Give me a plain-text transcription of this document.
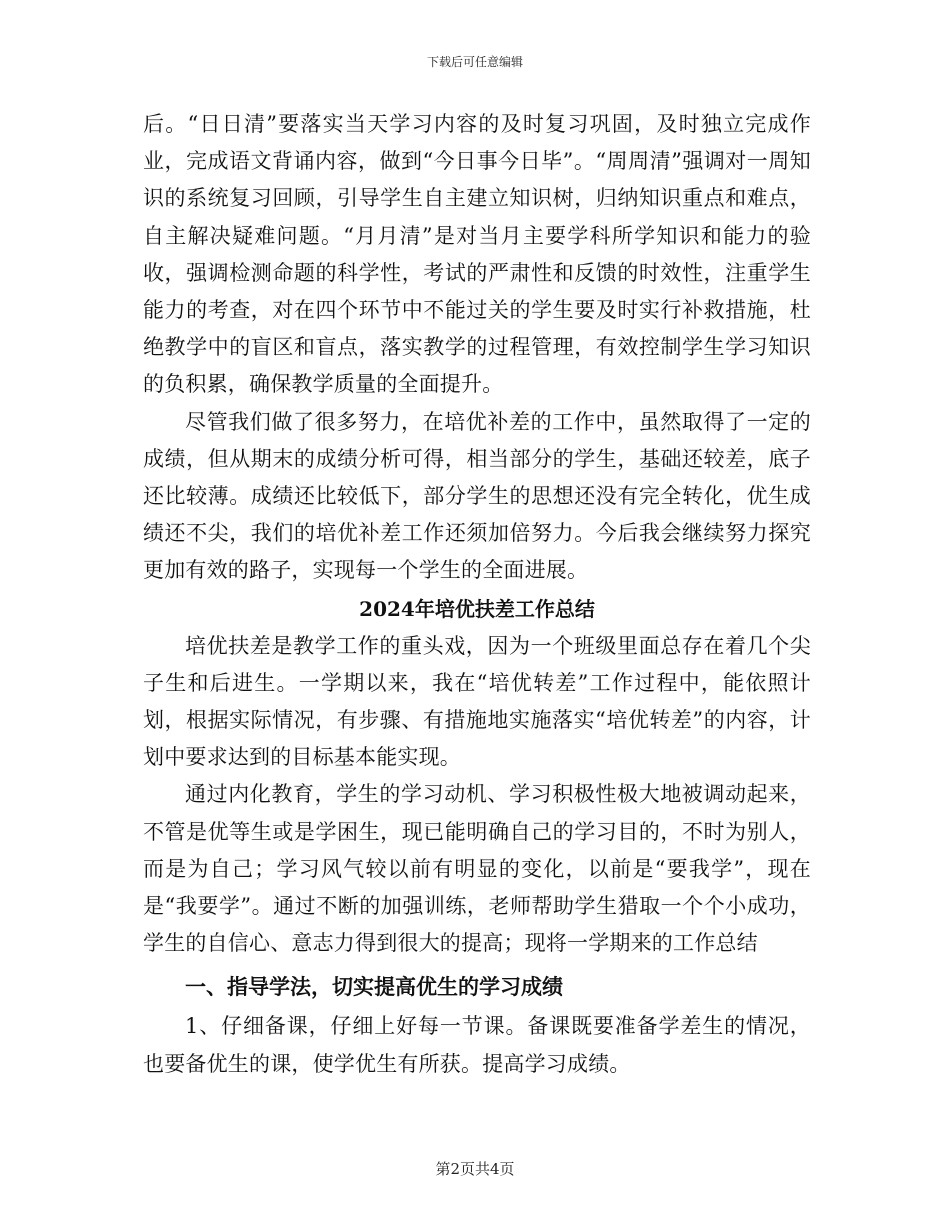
下载后可任意编辑

后。“日日清”要落实当天学习内容的及时复习巩固，及时独立完成作业，完成语文背诵内容，做到“今日事今日毕”。“周周清”强调对一周知识的系统复习回顾，引导学生自主建立知识树，归纳知识重点和难点，自主解决疑难问题。“月月清”是对当月主要学科所学知识和能力的验收，强调检测命题的科学性，考试的严肃性和反馈的时效性，注重学生能力的考查，对在四个环节中不能过关的学生要及时实行补救措施，杜绝教学中的盲区和盲点，落实教学的过程管理，有效控制学生学习知识的负积累，确保教学质量的全面提升。

尽管我们做了很多努力，在培优补差的工作中，虽然取得了一定的成绩，但从期末的成绩分析可得，相当部分的学生，基础还较差，底子还比较薄。成绩还比较低下，部分学生的思想还没有完全转化，优生成绩还不尖，我们的培优补差工作还须加倍努力。今后我会继续努力探究更加有效的路子，实现每一个学生的全面进展。

2024年培优扶差工作总结

培优扶差是教学工作的重头戏，因为一个班级里面总存在着几个尖子生和后进生。一学期以来，我在“培优转差”工作过程中，能依照计划，根据实际情况，有步骤、有措施地实施落实“培优转差”的内容，计划中要求达到的目标基本能实现。

通过内化教育，学生的学习动机、学习积极性极大地被调动起来，不管是优等生或是学困生，现已能明确自己的学习目的，不时为别人，而是为自己；学习风气较以前有明显的变化，以前是“要我学”，现在是“我要学”。通过不断的加强训练，老师帮助学生猎取一个个小成功，学生的自信心、意志力得到很大的提高；现将一学期来的工作总结

一、指导学法，切实提高优生的学习成绩

1、仔细备课，仔细上好每一节课。备课既要准备学差生的情况，也要备优生的课，使学优生有所获。提高学习成绩。

第2页共4页
